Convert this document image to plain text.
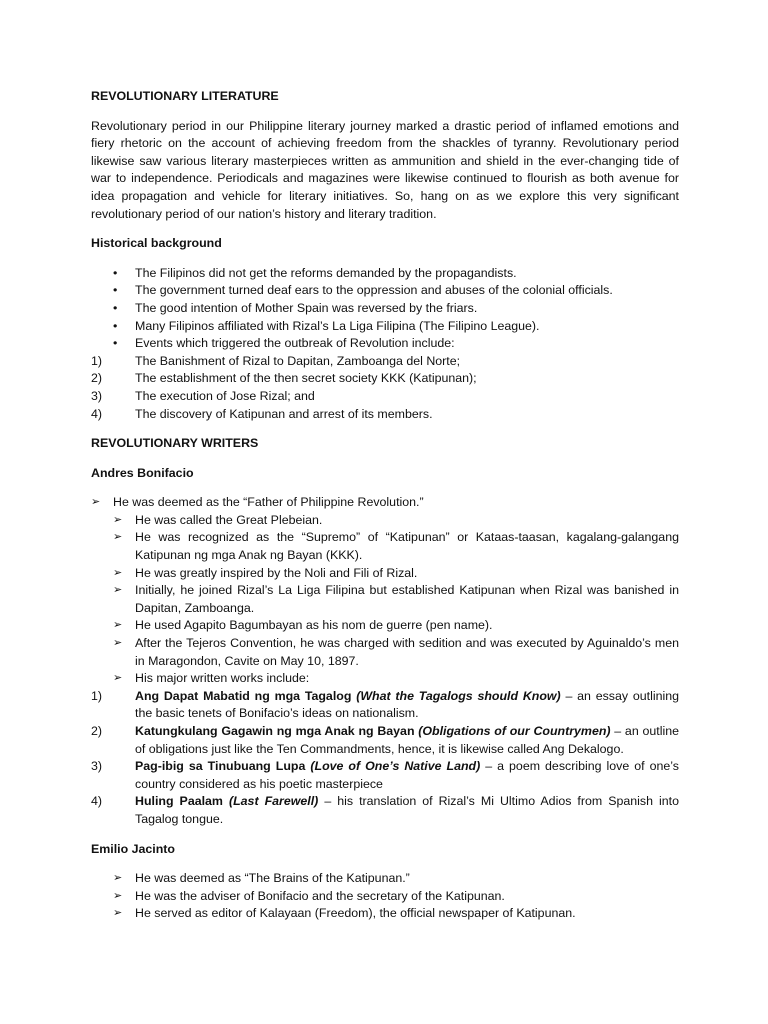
REVOLUTIONARY LITERATURE
Revolutionary period in our Philippine literary journey marked a drastic period of inflamed emotions and fiery rhetoric on the account of achieving freedom from the shackles of tyranny. Revolutionary period likewise saw various literary masterpieces written as ammunition and shield in the ever-changing tide of war to independence. Periodicals and magazines were likewise continued to flourish as both avenue for idea propagation and vehicle for literary initiatives. So, hang on as we explore this very significant revolutionary period of our nation’s history and literary tradition.
Historical background
• The Filipinos did not get the reforms demanded by the propagandists.
• The government turned deaf ears to the oppression and abuses of the colonial officials.
• The good intention of Mother Spain was reversed by the friars.
• Many Filipinos affiliated with Rizal’s La Liga Filipina (The Filipino League).
• Events which triggered the outbreak of Revolution include:
1)	The Banishment of Rizal to Dapitan, Zamboanga del Norte;
2)	The establishment of the then secret society KKK (Katipunan);
3)	The execution of Jose Rizal; and
4)	The discovery of Katipunan and arrest of its members.
REVOLUTIONARY WRITERS
Andres Bonifacio
➢ He was deemed as the “Father of Philippine Revolution.”
➢ He was called the Great Plebeian.
➢ He was recognized as the “Supremo” of “Katipunan” or Kataas-taasan, kagalang-galangang Katipunan ng mga Anak ng Bayan (KKK).
➢ He was greatly inspired by the Noli and Fili of Rizal.
➢ Initially, he joined Rizal’s La Liga Filipina but established Katipunan when Rizal was banished in Dapitan, Zamboanga.
➢ He used Agapito Bagumbayan as his nom de guerre (pen name).
➢ After the Tejeros Convention, he was charged with sedition and was executed by Aguinaldo’s men in Maragondon, Cavite on May 10, 1897.
➢ His major written works include:
1)	Ang Dapat Mabatid ng mga Tagalog (What the Tagalogs should Know) – an essay outlining the basic tenets of Bonifacio’s ideas on nationalism.
2)	Katungkulang Gagawin ng mga Anak ng Bayan (Obligations of our Countrymen) – an outline of obligations just like the Ten Commandments, hence, it is likewise called Ang Dekalogo.
3)	Pag-ibig sa Tinubuang Lupa (Love of One’s Native Land) – a poem describing love of one’s country considered as his poetic masterpiece
4)	Huling Paalam (Last Farewell) – his translation of Rizal’s Mi Ultimo Adios from Spanish into Tagalog tongue.
Emilio Jacinto
➢ He was deemed as “The Brains of the Katipunan.”
➢ He was the adviser of Bonifacio and the secretary of the Katipunan.
➢ He served as editor of Kalayaan (Freedom), the official newspaper of Katipunan.
